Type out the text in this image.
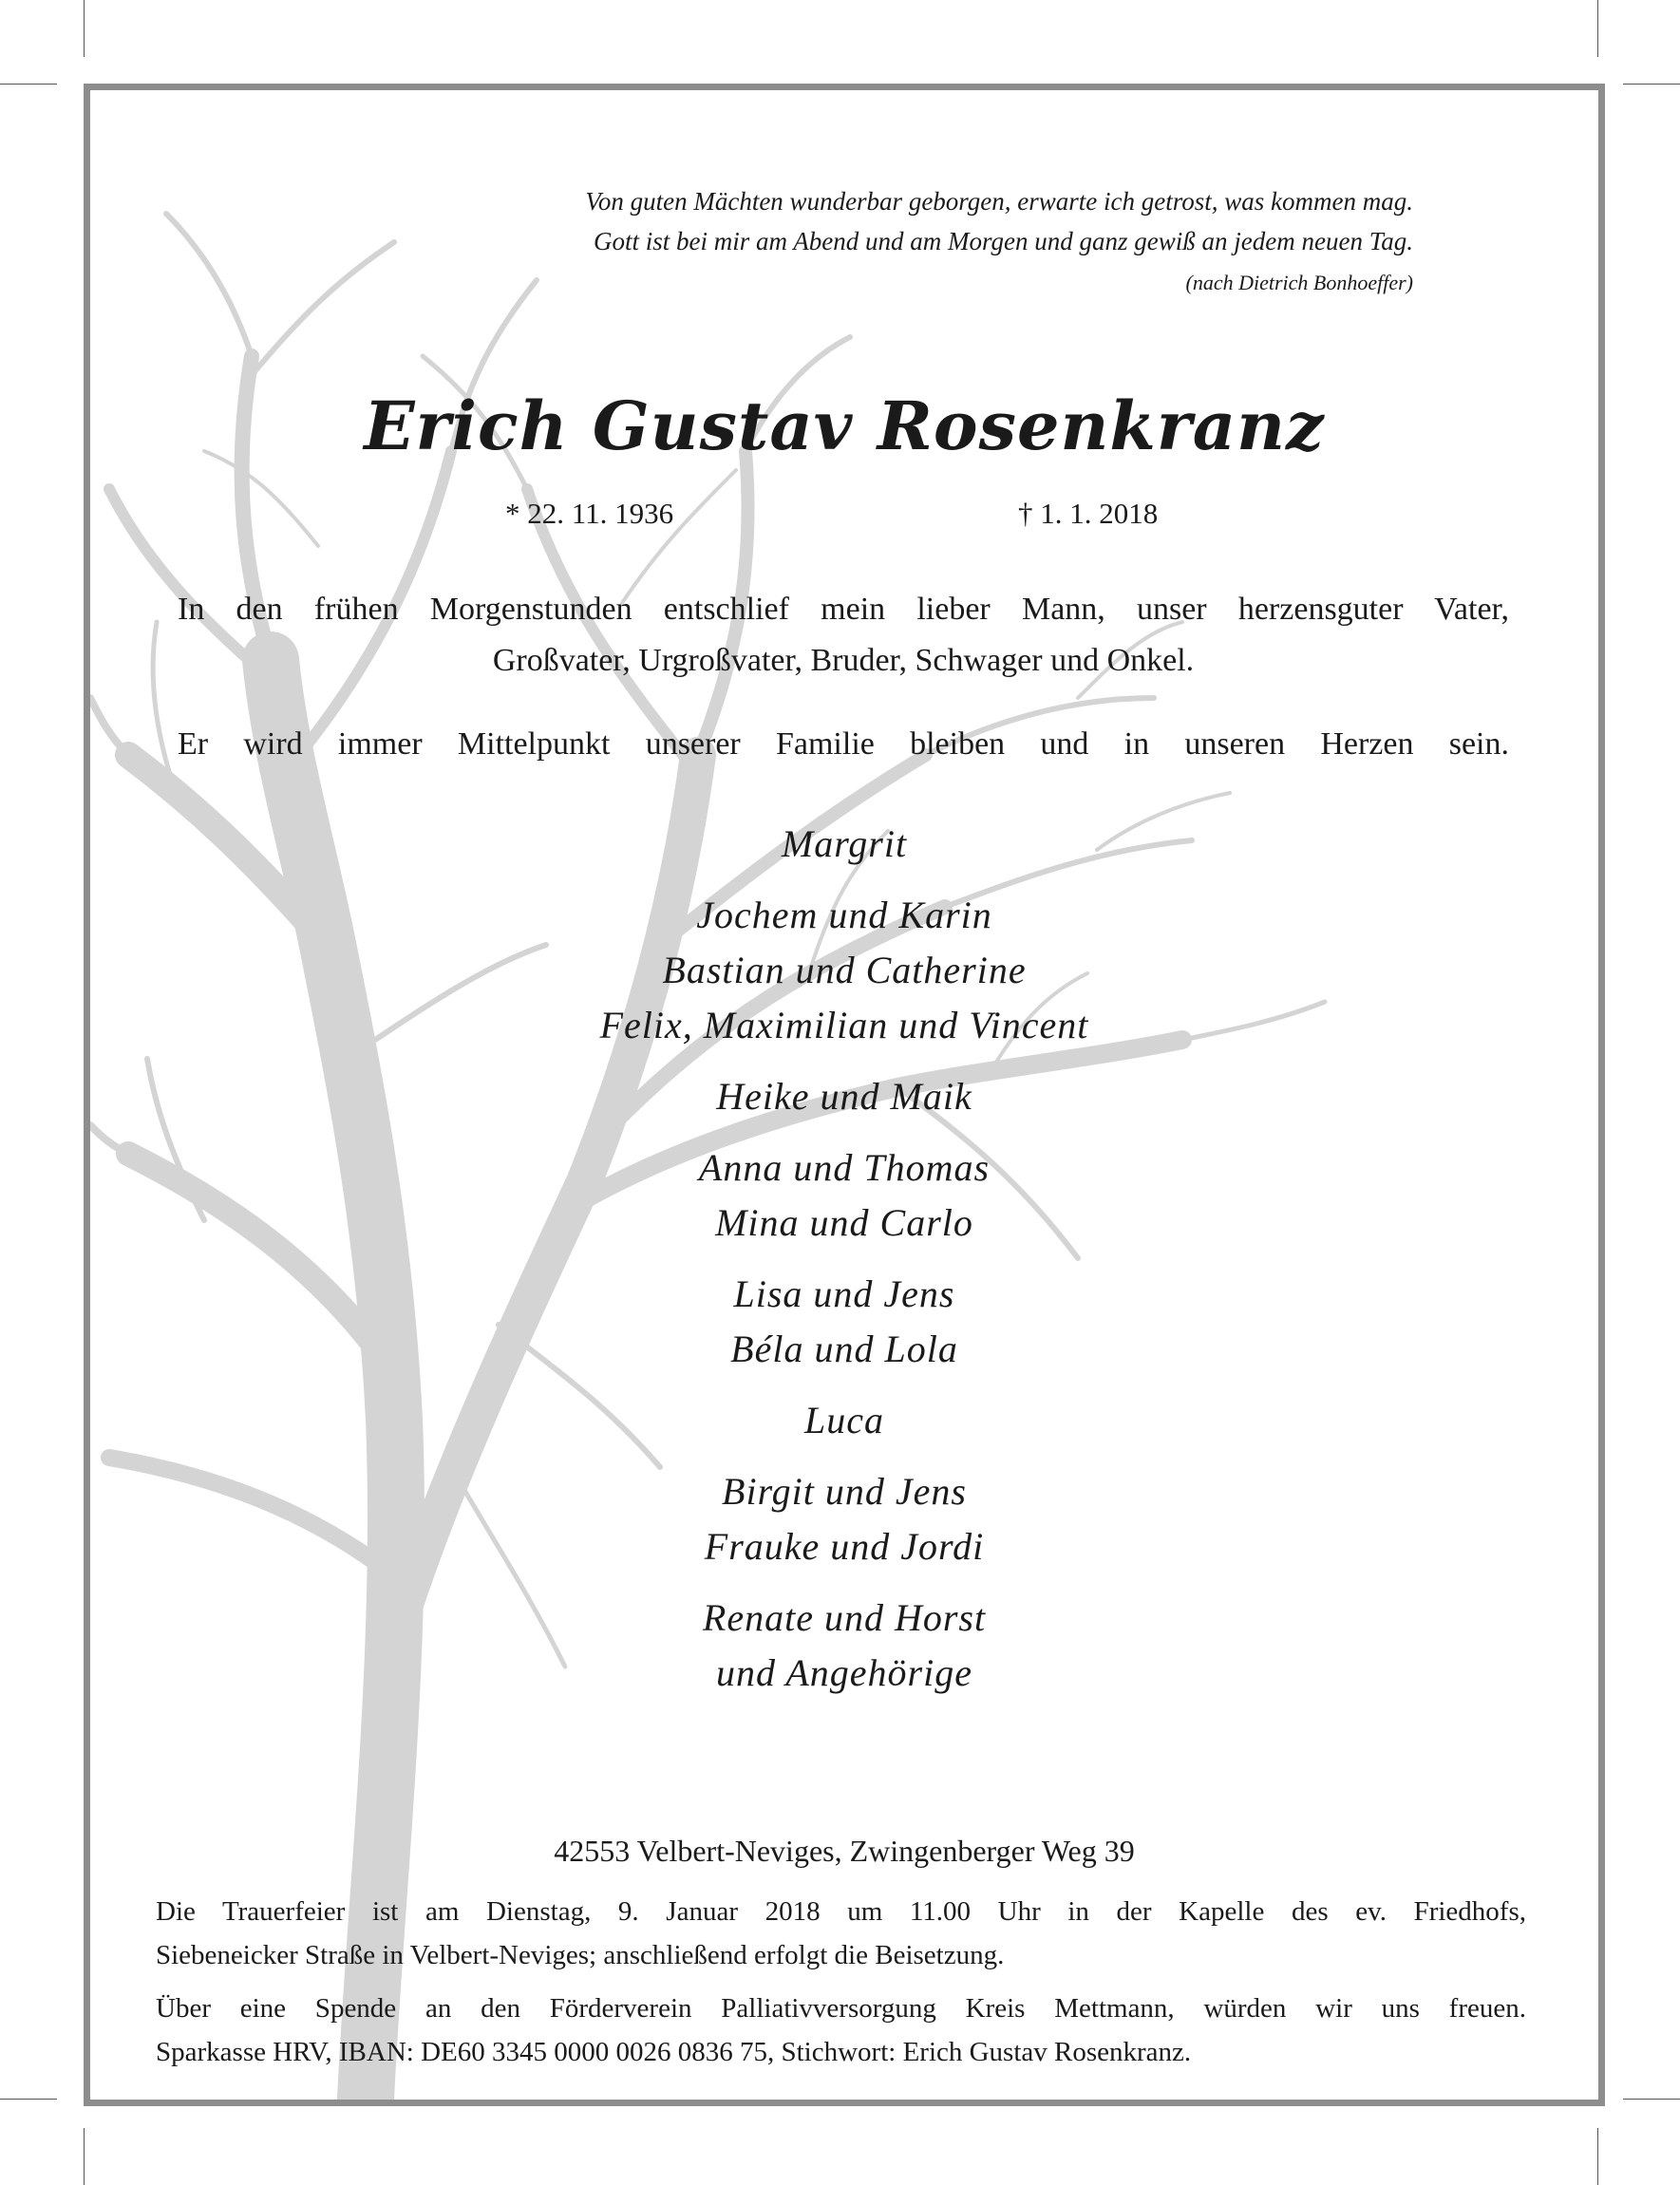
Von guten Mächten wunderbar geborgen, erwarte ich getrost, was kommen mag.

Gott ist bei mir am Abend und am Morgen und ganz gewiß an jedem neuen Tag.

(nach Dietrich Bonhoeffer)

Erich Gustav Rosenkranz
* 22. 11. 1936	† 1. 1. 2018

In den frühen Morgenstunden entschlief mein lieber Mann, unser herzensguter Vater,

Großvater, Urgroßvater, Bruder, Schwager und Onkel.

Er wird immer Mittelpunkt unserer Familie bleiben und in unseren Herzen sein.

Margrit

Jochem und Karin

Bastian und Catherine

Felix, Maximilian und Vincent

Heike und Maik

Anna und Thomas

Mina und Carlo

Lisa und Jens

Béla und Lola

Luca

Birgit und Jens

Frauke und Jordi

Renate und Horst

und Angehörige

42553 Velbert-Neviges, Zwingenberger Weg 39

Die Trauerfeier ist am Dienstag, 9. Januar 2018 um 11.00 Uhr in der Kapelle des ev. Friedhofs,

Siebeneicker Straße in Velbert-Neviges; anschließend erfolgt die Beisetzung.

Über eine Spende an den Förderverein Palliativversorgung Kreis Mettmann, würden wir uns freuen.

Sparkasse HRV, IBAN: DE60 3345 0000 0026 0836 75, Stichwort: Erich Gustav Rosenkranz.
